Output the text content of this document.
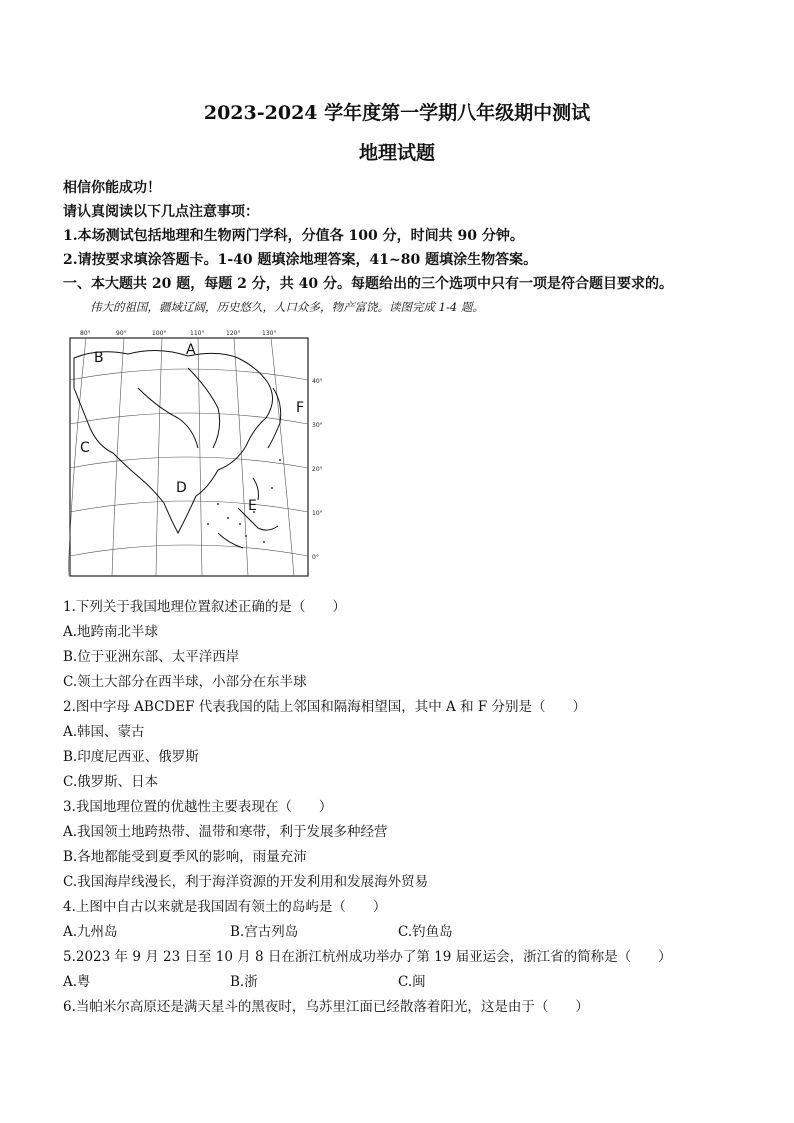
2023-2024 学年度第一学期八年级期中测试
地理试题
相信你能成功！
请认真阅读以下几点注意事项：
1.本场测试包括地理和生物两门学科，分值各 100 分，时间共 90 分钟。
2.请按要求填涂答题卡。1-40 题填涂地理答案，41~80 题填涂生物答案。
一、本大题共 20 题，每题 2 分，共 40 分。每题给出的三个选项中只有一项是符合题目要求的。
伟大的祖国，疆域辽阔，历史悠久，人口众多，物产富饶。读图完成 1-4 题。
80°	90°	100°	110°	120°	130°
40°
30°
20°
10°
0°
A
B
C
D
E
F
1.下列关于我国地理位置叙述正确的是（　　）
A.地跨南北半球
B.位于亚洲东部、太平洋西岸
C.领土大部分在西半球，小部分在东半球
2.图中字母 ABCDEF 代表我国的陆上邻国和隔海相望国，其中 A 和 F 分别是（　　）
A.韩国、蒙古
B.印度尼西亚、俄罗斯
C.俄罗斯、日本
3.我国地理位置的优越性主要表现在（　　）
A.我国领土地跨热带、温带和寒带，利于发展多种经营
B.各地都能受到夏季风的影响，雨量充沛
C.我国海岸线漫长，利于海洋资源的开发利用和发展海外贸易
4.上图中自古以来就是我国固有领土的岛屿是（　　）
A.九州岛	B.宫古列岛	C.钓鱼岛
5.2023 年 9 月 23 日至 10 月 8 日在浙江杭州成功举办了第 19 届亚运会，浙江省的简称是（　　）
A.粤	B.浙	C.闽
6.当帕米尔高原还是满天星斗的黑夜时，乌苏里江面已经散落着阳光，这是由于（　　）
